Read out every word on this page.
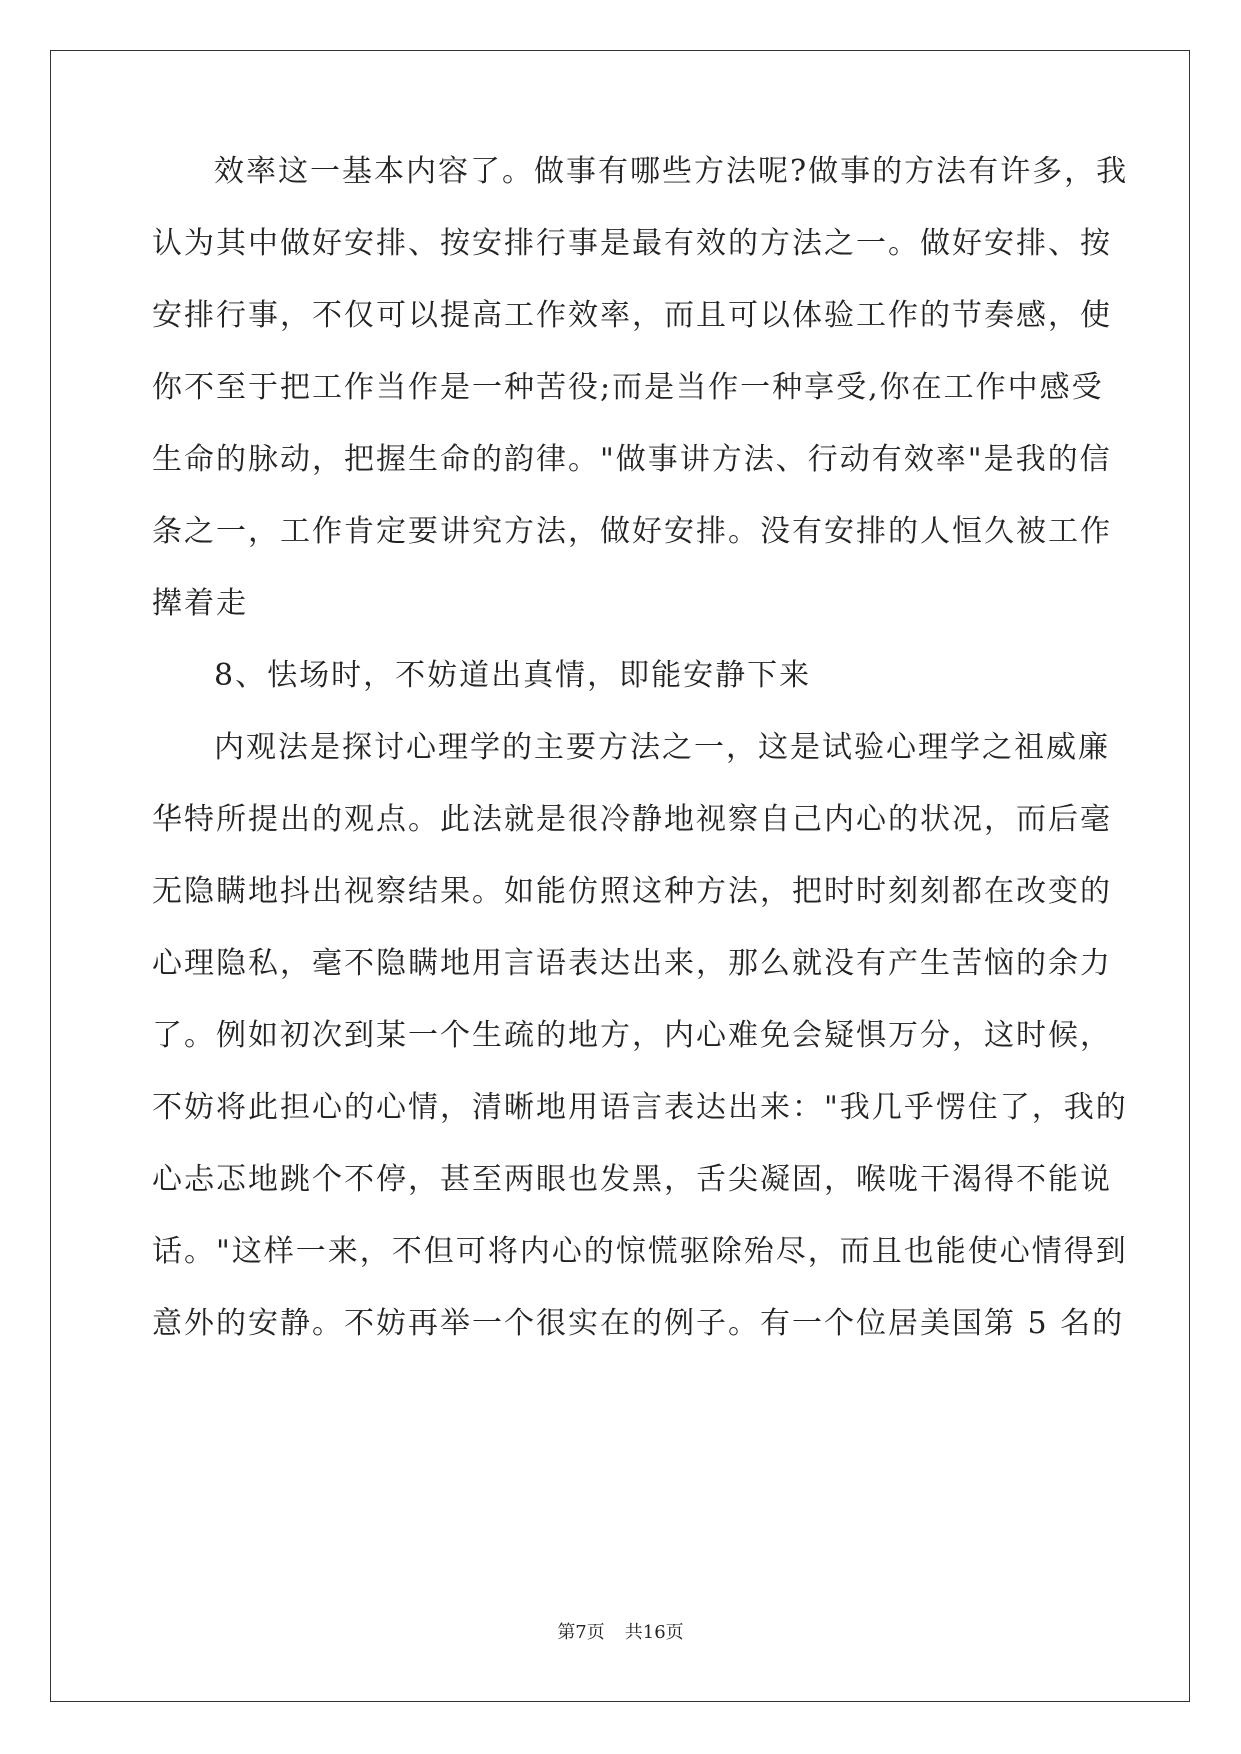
效率这一基本内容了。做事有哪些方法呢?做事的方法有许多，我
认为其中做好安排、按安排行事是最有效的方法之一。做好安排、按
安排行事，不仅可以提高工作效率，而且可以体验工作的节奏感，使
你不至于把工作当作是一种苦役;而是当作一种享受,你在工作中感受
生命的脉动，把握生命的韵律。"做事讲方法、行动有效率"是我的信
条之一，工作肯定要讲究方法，做好安排。没有安排的人恒久被工作
撵着走
8、怯场时，不妨道出真情，即能安静下来
内观法是探讨心理学的主要方法之一，这是试验心理学之祖威廉
华特所提出的观点。此法就是很冷静地视察自己内心的状况，而后毫
无隐瞒地抖出视察结果。如能仿照这种方法，把时时刻刻都在改变的
心理隐私，毫不隐瞒地用言语表达出来，那么就没有产生苦恼的余力
了。例如初次到某一个生疏的地方，内心难免会疑惧万分，这时候，
不妨将此担心的心情，清晰地用语言表达出来："我几乎愣住了，我的
心忐忑地跳个不停，甚至两眼也发黑，舌尖凝固，喉咙干渴得不能说
话。"这样一来，不但可将内心的惊慌驱除殆尽，而且也能使心情得到
意外的安静。不妨再举一个很实在的例子。有一个位居美国第 5 名的
第7页 共16页
